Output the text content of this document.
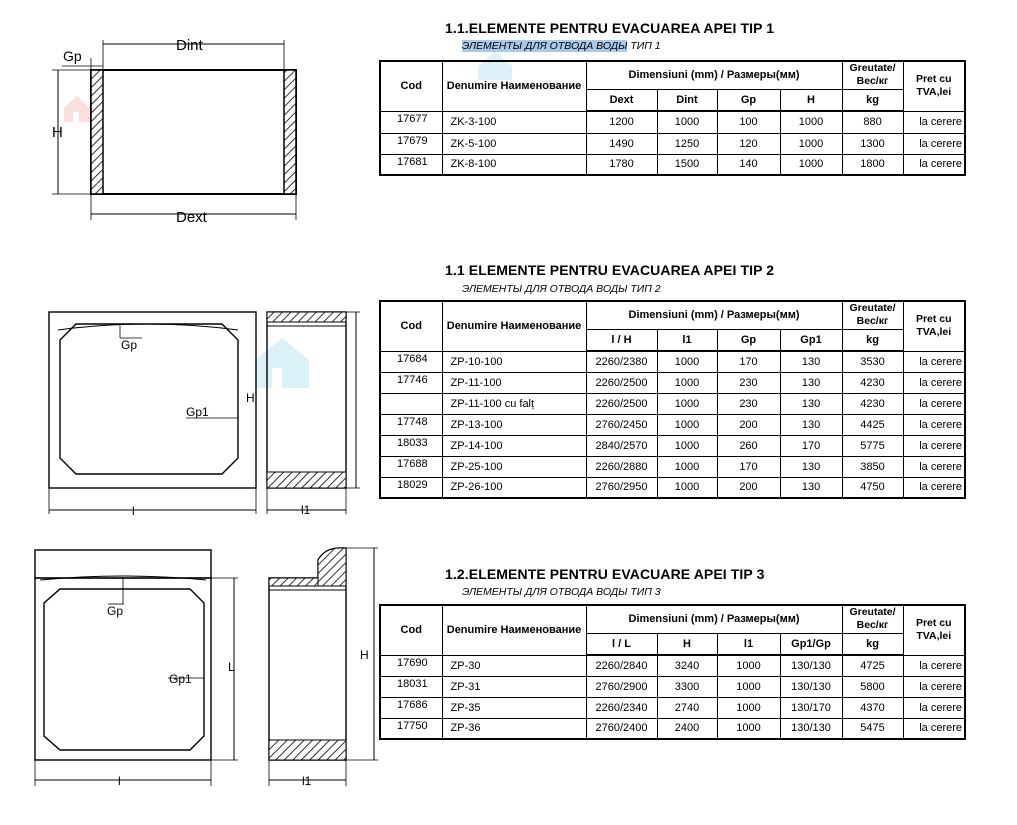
Gp
Dint
H
Dext
Gp
Gp1
H
l	l1
Gp
Gp1
L
H
l	l1
1.1.ELEMENTE PENTRU EVACUAREA APEI TIP 1
ЭЛЕМЕНТЫ ДЛЯ ОТВОДА ВОДЫ ТИП 1
Cod	Denumire Наименование	Dimensiuni (mm) / Размеры(мм)				Greutate/ Вес/кг	Pret cu TVA,lei
		Dext	Dint	Gp	H	kg	
17677	ZK-3-100	1200	1000	100	1000	880	la cerere
17679	ZK-5-100	1490	1250	120	1000	1300	la cerere
17681	ZK-8-100	1780	1500	140	1000	1800	la cerere
1.1 ELEMENTE PENTRU EVACUAREA APEI TIP 2
ЭЛЕМЕНТЫ ДЛЯ ОТВОДА ВОДЫ ТИП 2
Cod	Denumire Наименование	Dimensiuni (mm) / Размеры(мм)				Greutate/ Вес/кг	Pret cu TVA,lei
		l / H	l1	Gp	Gp1	kg	
17684	ZP-10-100	2260/2380	1000	170	130	3530	la cerere
17746	ZP-11-100	2260/2500	1000	230	130	4230	la cerere
	ZP-11-100 cu falț	2260/2500	1000	230	130	4230	la cerere
17748	ZP-13-100	2760/2450	1000	200	130	4425	la cerere
18033	ZP-14-100	2840/2570	1000	260	170	5775	la cerere
17688	ZP-25-100	2260/2880	1000	170	130	3850	la cerere
18029	ZP-26-100	2760/2950	1000	200	130	4750	la cerere
1.2.ELEMENTE PENTRU EVACUARE APEI TIP 3
ЭЛЕМЕНТЫ ДЛЯ ОТВОДА ВОДЫ ТИП 3
Cod	Denumire Наименование	Dimensiuni (mm) / Размеры(мм)				Greutate/ Вес/кг	Pret cu TVA,lei
		l / L	H	l1	Gp1/Gp	kg	
17690	ZP-30	2260/2840	3240	1000	130/130	4725	la cerere
18031	ZP-31	2760/2900	3300	1000	130/130	5800	la cerere
17686	ZP-35	2260/2340	2740	1000	130/170	4370	la cerere
17750	ZP-36	2760/2400	2400	1000	130/130	5475	la cerere
